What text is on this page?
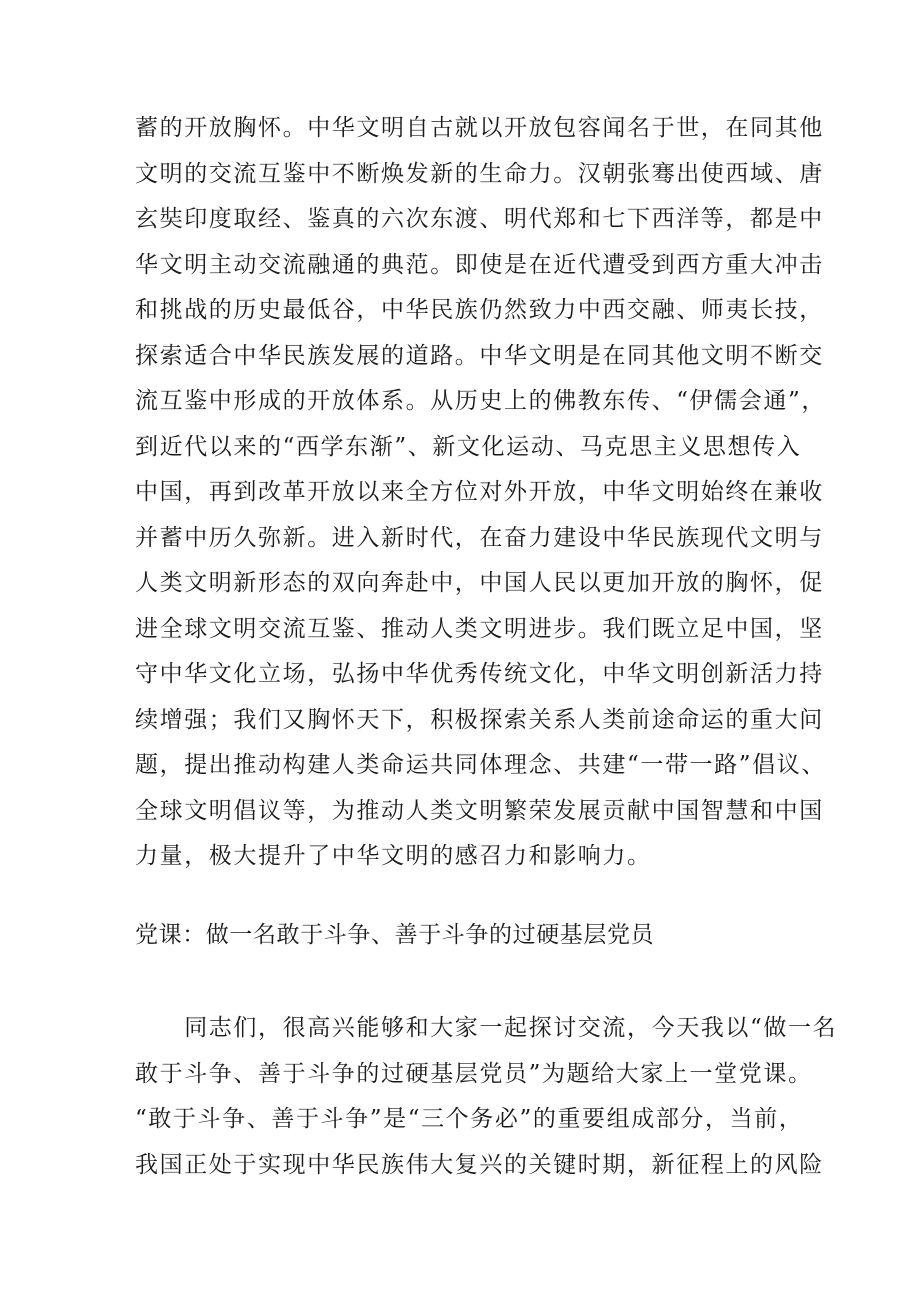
蓄的开放胸怀。中华文明自古就以开放包容闻名于世，在同其他
文明的交流互鉴中不断焕发新的生命力。汉朝张骞出使西域、唐
玄奘印度取经、鉴真的六次东渡、明代郑和七下西洋等，都是中
华文明主动交流融通的典范。即使是在近代遭受到西方重大冲击
和挑战的历史最低谷，中华民族仍然致力中西交融、师夷长技，
探索适合中华民族发展的道路。中华文明是在同其他文明不断交
流互鉴中形成的开放体系。从历史上的佛教东传、“伊儒会通”，
到近代以来的“西学东渐”、新文化运动、马克思主义思想传入
中国，再到改革开放以来全方位对外开放，中华文明始终在兼收
并蓄中历久弥新。进入新时代，在奋力建设中华民族现代文明与
人类文明新形态的双向奔赴中，中国人民以更加开放的胸怀，促
进全球文明交流互鉴、推动人类文明进步。我们既立足中国，坚
守中华文化立场，弘扬中华优秀传统文化，中华文明创新活力持
续增强；我们又胸怀天下，积极探索关系人类前途命运的重大问
题，提出推动构建人类命运共同体理念、共建“一带一路”倡议、
全球文明倡议等，为推动人类文明繁荣发展贡献中国智慧和中国
力量，极大提升了中华文明的感召力和影响力。
党课：做一名敢于斗争、善于斗争的过硬基层党员
　　同志们，很高兴能够和大家一起探讨交流，今天我以“做一名
敢于斗争、善于斗争的过硬基层党员”为题给大家上一堂党课。
“敢于斗争、善于斗争”是“三个务必”的重要组成部分，当前，
我国正处于实现中华民族伟大复兴的关键时期，新征程上的风险
